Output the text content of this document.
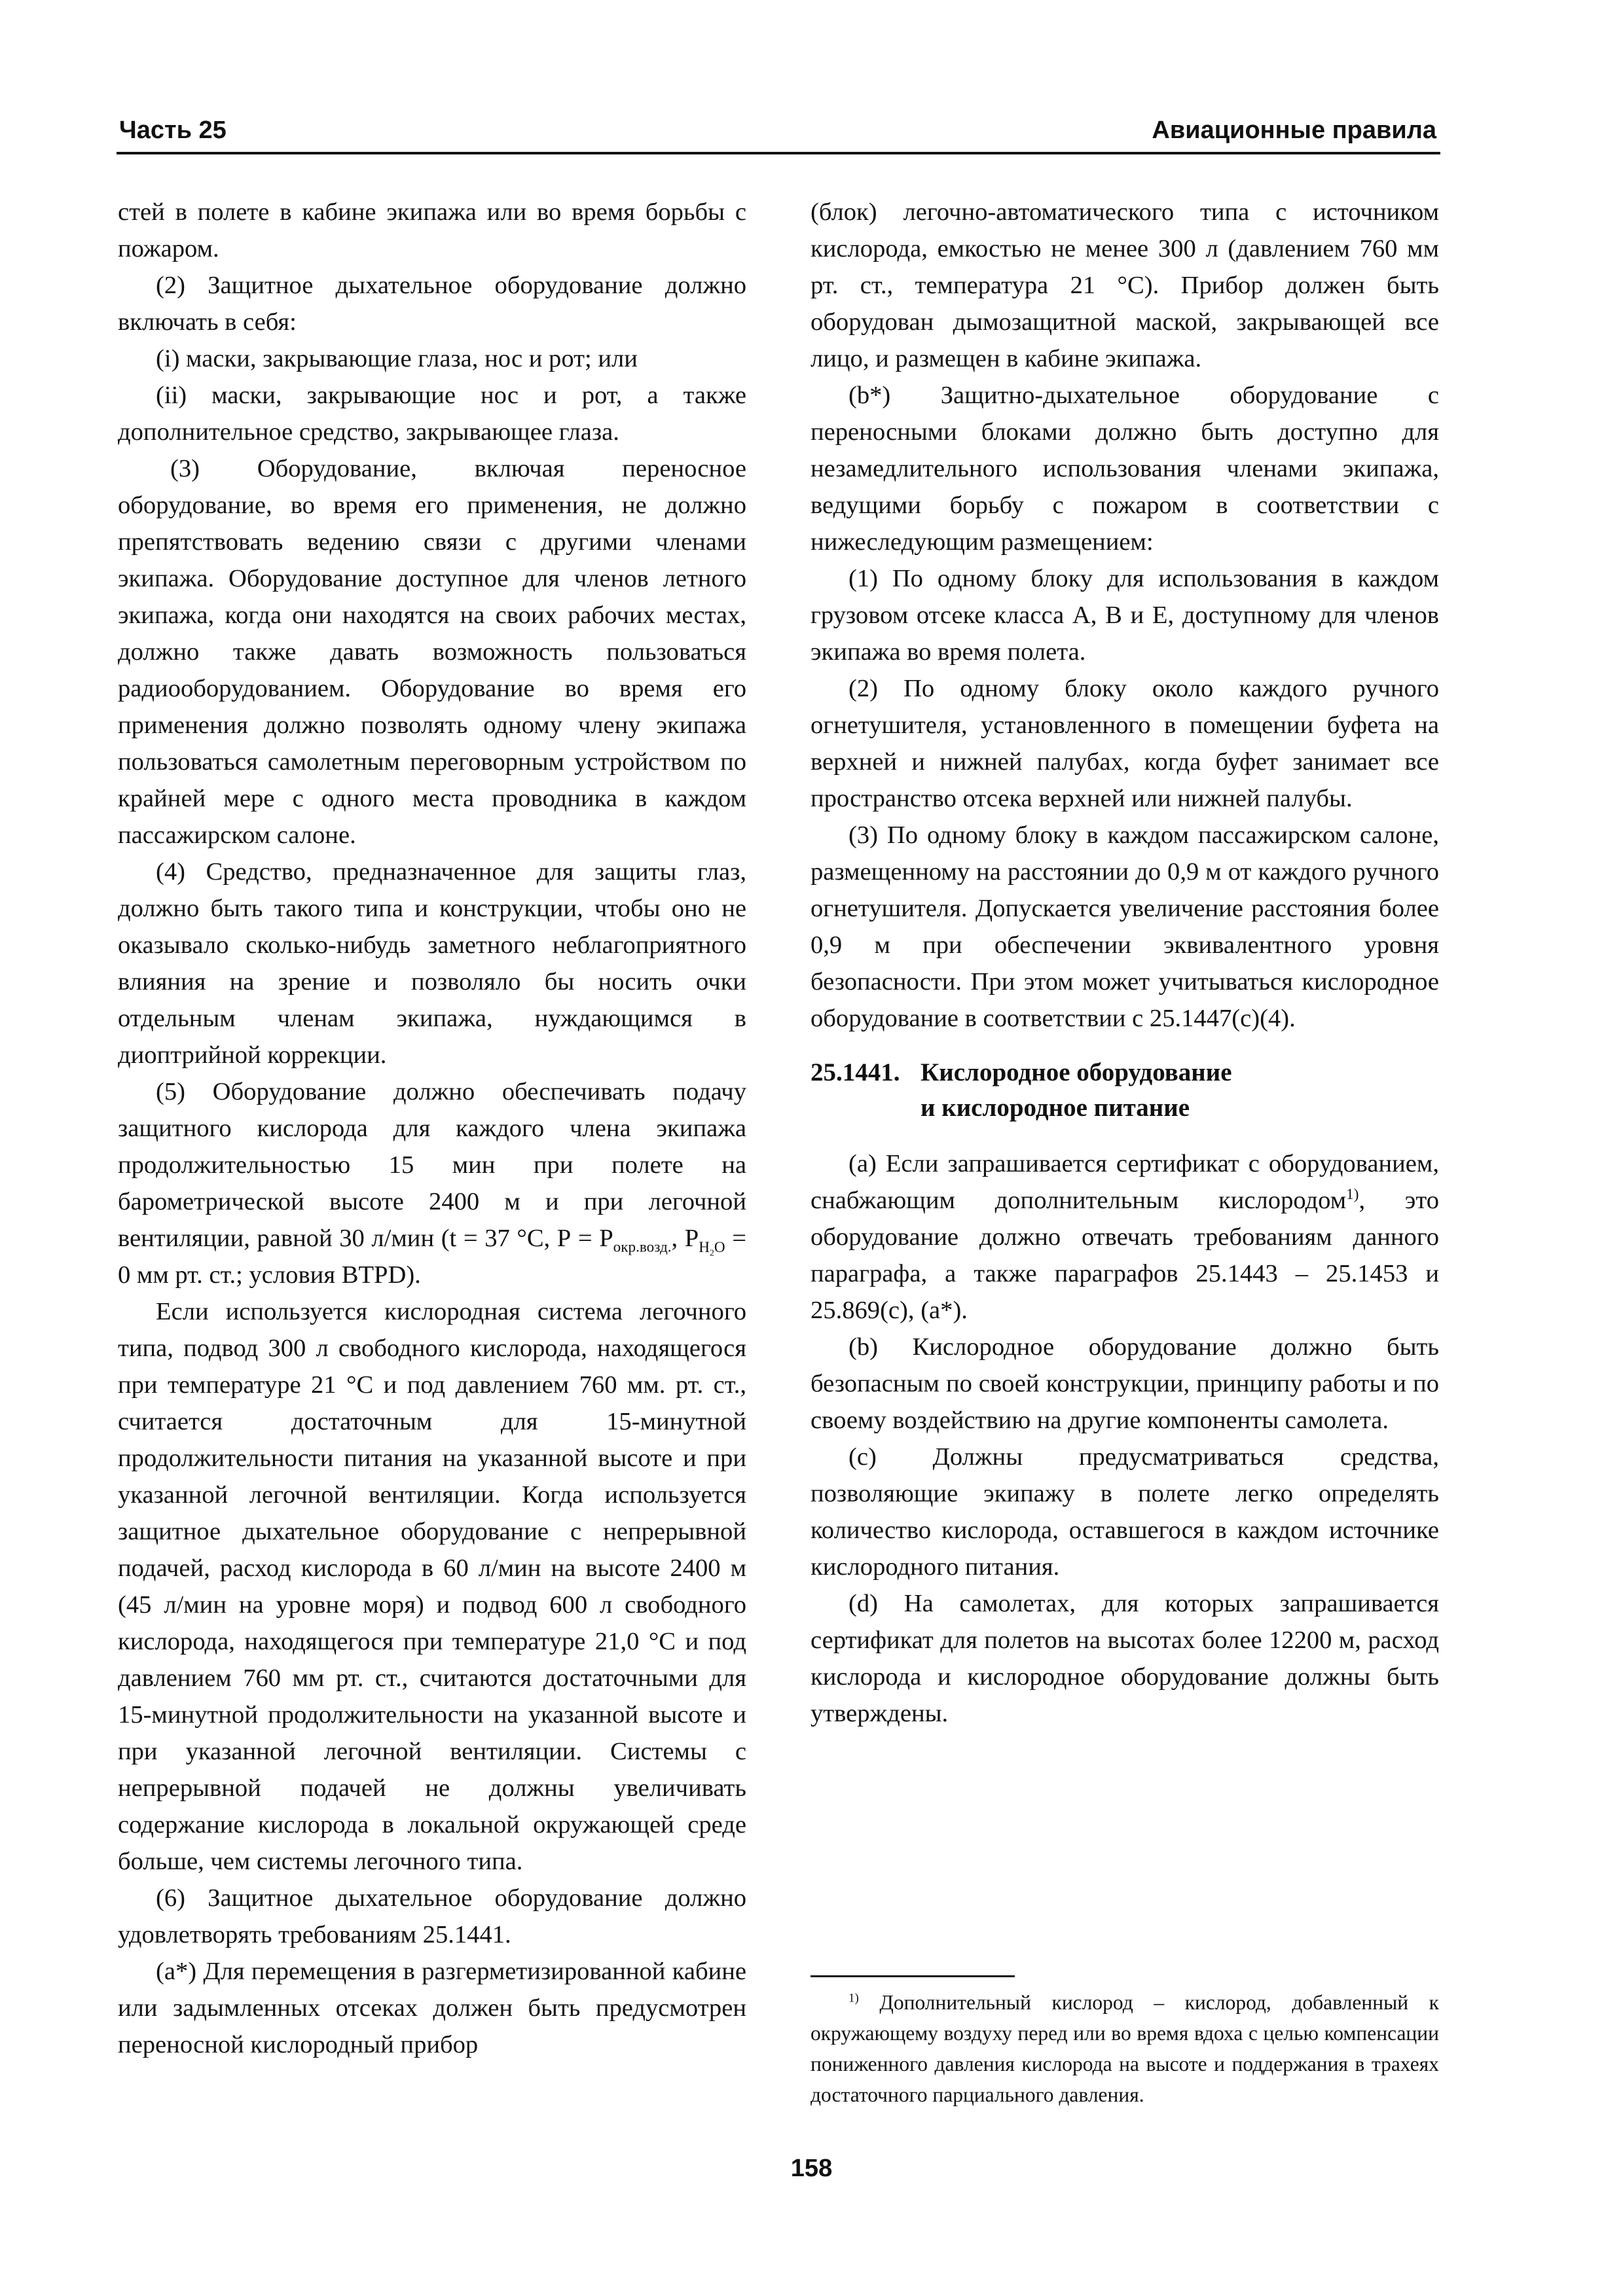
Часть 25	Авиационные правила

стей в полете в кабине экипажа или во время борьбы с пожаром.

(2) Защитное дыхательное оборудование должно включать в себя:

(i) маски, закрывающие глаза, нос и рот; или

(ii) маски, закрывающие нос и рот, а также дополнительное средство, закрывающее глаза.

(3) Оборудование, включая переносное оборудование, во время его применения, не должно препятствовать ведению связи с другими членами экипажа. Оборудование доступное для членов летного экипажа, когда они находятся на своих рабочих местах, должно также давать возможность пользоваться радиооборудованием. Оборудование во время его применения должно позволять одному члену экипажа пользоваться самолетным переговорным устройством по крайней мере с одного места проводника в каждом пассажирском салоне.

(4) Средство, предназначенное для защиты глаз, должно быть такого типа и конструкции, чтобы оно не оказывало сколько-нибудь заметного неблагоприятного влияния на зрение и позволяло бы носить очки отдельным членам экипажа, нуждающимся в диоптрийной коррекции.

(5) Оборудование должно обеспечивать подачу защитного кислорода для каждого члена экипажа продолжительностью 15 мин при полете на барометрической высоте 2400 м и при легочной вентиляции, равной 30 л/мин (t = 37 °С, $Р = Р_{окр.возд.}$, $Р_{H_2O} = 0$ мм рт. ст.; условия BTPD).

Если используется кислородная система легочного типа, подвод 300 л свободного кислорода, находящегося при температуре 21 °С и под давлением 760 мм. рт. ст., считается достаточным для 15-минутной продолжительности питания на указанной высоте и при указанной легочной вентиляции. Когда используется защитное дыхательное оборудование с непрерывной подачей, расход кислорода в 60 л/мин на высоте 2400 м (45 л/мин на уровне моря) и подвод 600 л свободного кислорода, находящегося при температуре 21,0 °С и под давлением 760 мм рт. ст., считаются достаточными для 15-минутной продолжительности на указанной высоте и при указанной легочной вентиляции. Системы с непрерывной подачей не должны увеличивать содержание кислорода в локальной окружающей среде больше, чем системы легочного типа.

(6) Защитное дыхательное оборудование должно удовлетворять требованиям 25.1441.

(а*) Для перемещения в разгерметизированной кабине или задымленных отсеках должен быть предусмотрен переносной кислородный прибор

(блок) легочно-автоматического типа с источником кислорода, емкостью не менее 300 л (давлением 760 мм рт. ст., температура 21 °С). Прибор должен быть оборудован дымозащитной маской, закрывающей все лицо, и размещен в кабине экипажа.

(b*) Защитно-дыхательное оборудование с переносными блоками должно быть доступно для незамедлительного использования членами экипажа, ведущими борьбу с пожаром в соответствии с нижеследующим размещением:

(1) По одному блоку для использования в каждом грузовом отсеке класса А, В и Е, доступному для членов экипажа во время полета.

(2) По одному блоку около каждого ручного огнетушителя, установленного в помещении буфета на верхней и нижней палубах, когда буфет занимает все пространство отсека верхней или нижней палубы.

(3) По одному блоку в каждом пассажирском салоне, размещенному на расстоянии до 0,9 м от каждого ручного огнетушителя. Допускается увеличение расстояния более 0,9 м при обеспечении эквивалентного уровня безопасности. При этом может учитываться кислородное оборудование в соответствии с 25.1447(с)(4).

25.1441. Кислородное оборудование
и кислородное питание

(а) Если запрашивается сертификат с оборудованием, снабжающим дополнительным кислородом$^{1)}$, это оборудование должно отвечать требованиям данного параграфа, а также параграфов 25.1443 – 25.1453 и 25.869(с), (а*).

(b) Кислородное оборудование должно быть безопасным по своей конструкции, принципу работы и по своему воздействию на другие компоненты самолета.

(с) Должны предусматриваться средства, позволяющие экипажу в полете легко определять количество кислорода, оставшегося в каждом источнике кислородного питания.

(d) На самолетах, для которых запрашивается сертификат для полетов на высотах более 12200 м, расход кислорода и кислородное оборудование должны быть утверждены.

$^{1)}$ Дополнительный кислород – кислород, добавленный к окружающему воздуху перед или во время вдоха с целью компенсации пониженного давления кислорода на высоте и поддержания в трахеях достаточного парциального давления.

158
